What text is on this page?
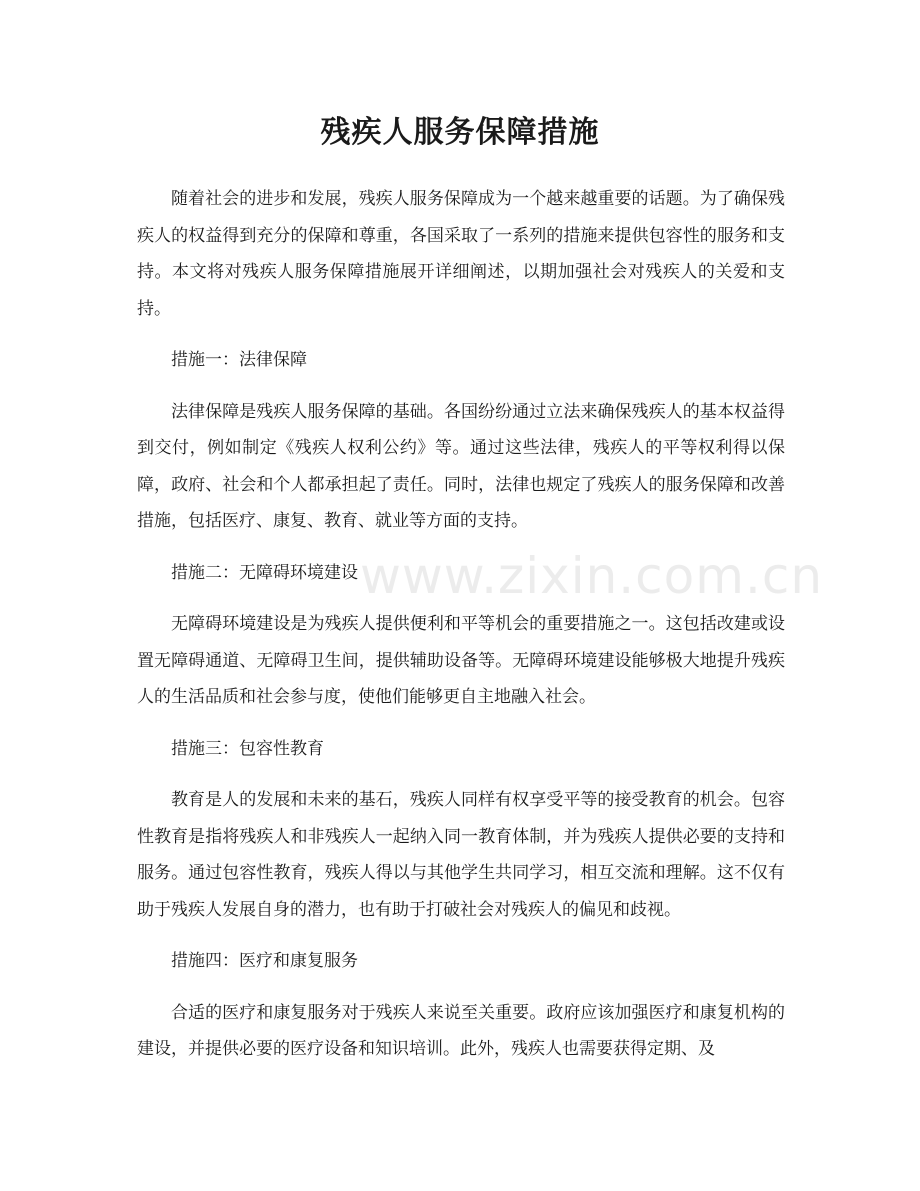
www.zixin.com.cn
残疾人服务保障措施

随着社会的进步和发展，残疾人服务保障成为一个越来越重要的话题。为了确保残疾人的权益得到充分的保障和尊重，各国采取了一系列的措施来提供包容性的服务和支持。本文将对残疾人服务保障措施展开详细阐述，以期加强社会对残疾人的关爱和支持。

措施一：法律保障

法律保障是残疾人服务保障的基础。各国纷纷通过立法来确保残疾人的基本权益得到交付，例如制定《残疾人权利公约》等。通过这些法律，残疾人的平等权利得以保障，政府、社会和个人都承担起了责任。同时，法律也规定了残疾人的服务保障和改善措施，包括医疗、康复、教育、就业等方面的支持。

措施二：无障碍环境建设

无障碍环境建设是为残疾人提供便利和平等机会的重要措施之一。这包括改建或设置无障碍通道、无障碍卫生间，提供辅助设备等。无障碍环境建设能够极大地提升残疾人的生活品质和社会参与度，使他们能够更自主地融入社会。

措施三：包容性教育

教育是人的发展和未来的基石，残疾人同样有权享受平等的接受教育的机会。包容性教育是指将残疾人和非残疾人一起纳入同一教育体制，并为残疾人提供必要的支持和服务。通过包容性教育，残疾人得以与其他学生共同学习，相互交流和理解。这不仅有助于残疾人发展自身的潜力，也有助于打破社会对残疾人的偏见和歧视。

措施四：医疗和康复服务

合适的医疗和康复服务对于残疾人来说至关重要。政府应该加强医疗和康复机构的建设，并提供必要的医疗设备和知识培训。此外，残疾人也需要获得定期、及
